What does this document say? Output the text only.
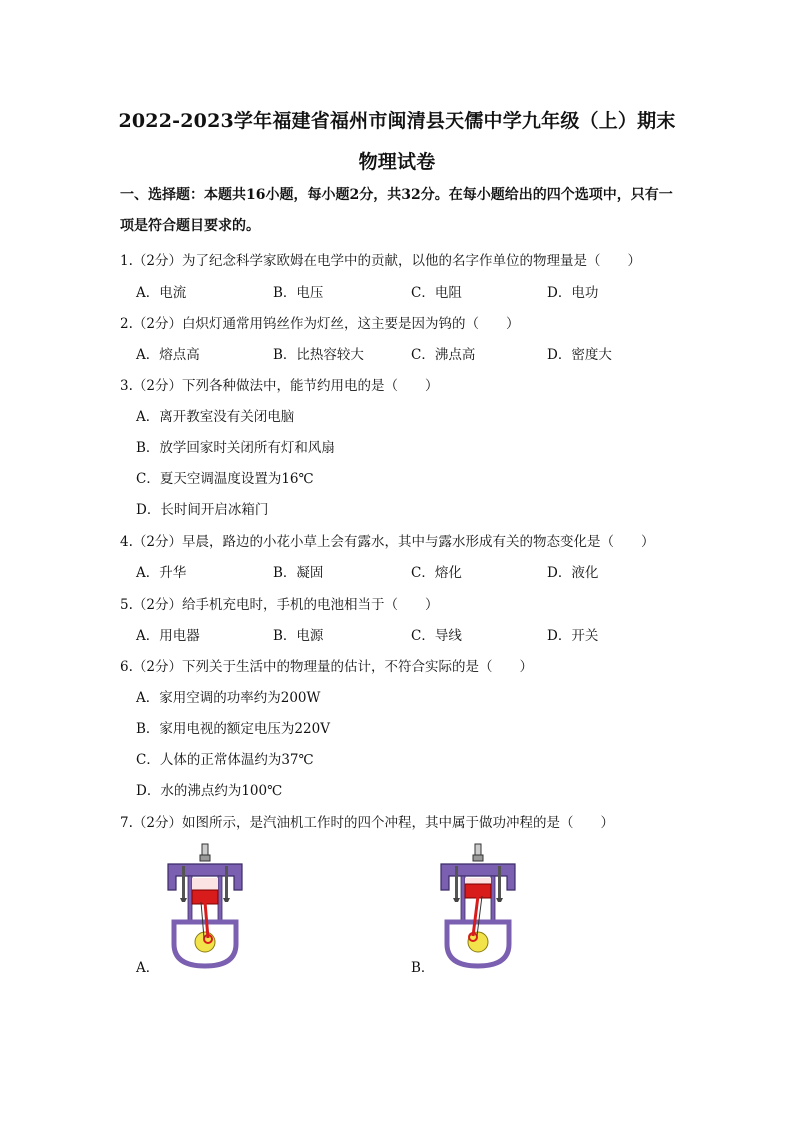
2022-2023学年福建省福州市闽清县天儒中学九年级（上）期末
物理试卷
一、选择题：本题共16小题，每小题2分，共32分。在每小题给出的四个选项中，只有一项是符合题目要求的。
1.（2分）为了纪念科学家欧姆在电学中的贡献，以他的名字作单位的物理量是（　　）
A．电流	B．电压	C．电阻	D．电功
2.（2分）白炽灯通常用钨丝作为灯丝，这主要是因为钨的（　　）
A．熔点高	B．比热容较大	C．沸点高	D．密度大
3.（2分）下列各种做法中，能节约用电的是（　　）
A．离开教室没有关闭电脑
B．放学回家时关闭所有灯和风扇
C．夏天空调温度设置为16℃
D．长时间开启冰箱门
4.（2分）早晨，路边的小花小草上会有露水，其中与露水形成有关的物态变化是（　　）
A．升华	B．凝固	C．熔化	D．液化
5.（2分）给手机充电时，手机的电池相当于（　　）
A．用电器	B．电源	C．导线	D．开关
6.（2分）下列关于生活中的物理量的估计，不符合实际的是（　　）
A．家用空调的功率约为200W
B．家用电视的额定电压为220V
C．人体的正常体温约为37℃
D．水的沸点约为100℃
7.（2分）如图所示，是汽油机工作时的四个冲程，其中属于做功冲程的是（　　）
A．	B．
